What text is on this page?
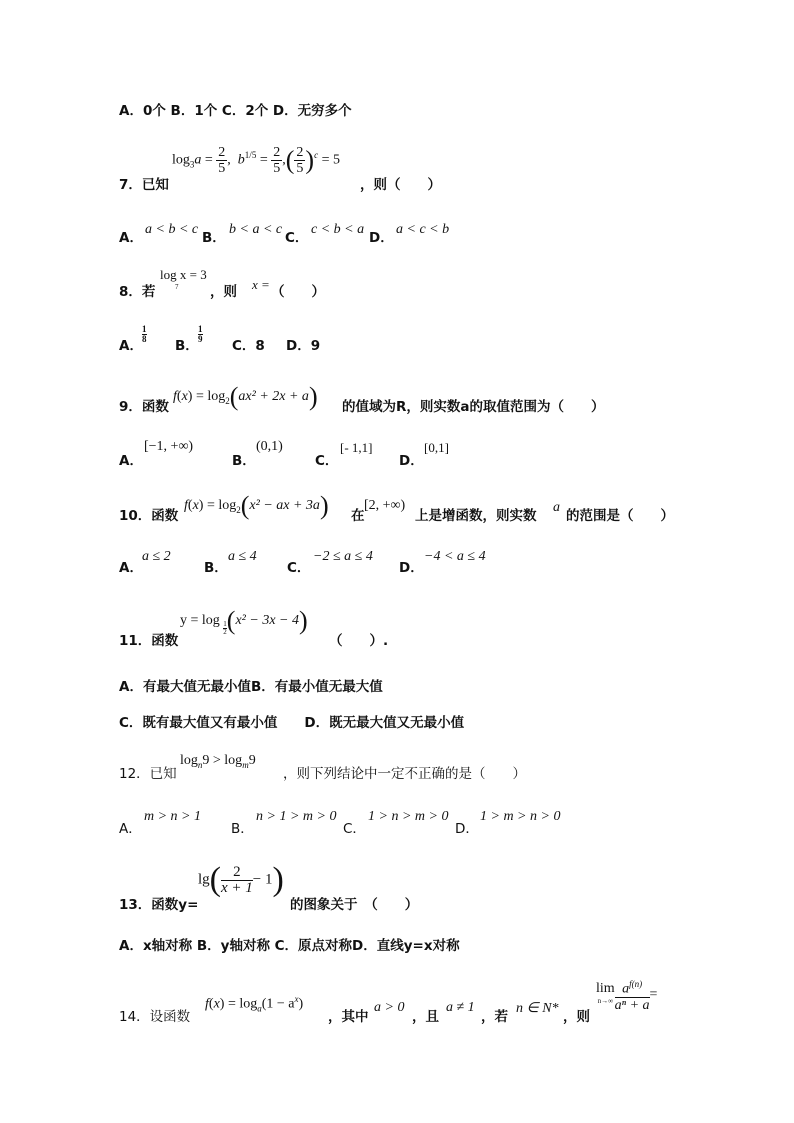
A．0个 B．1个 C．2个 D．无穷多个
$\log_3a = \frac{2}{5}$ ,  $b^{1/5} = \frac{2}{5}$ ,( $\frac{2}{5} )^c = 5$
7．已知	，则（　　）
A．
a < b < c
B．
b < a < c
C．
c < b < a
D．
a < c < b
8．若
log x = 3
7 ，则 x = （　　）
A．
1
8 B．
1
9 C．8 D．9
9．函数
$f(x) = \log_2(ax^2 + 2x + a)$ 的值域为R，则实数a的取值范围为（　　）
A．
[−1, +∞)
B．
(0,1)
C．
[- 1,1]
D．
[0,1]
10．函数
$f(x) = \log_2(x^2$ − ax + 3a) 在
[2, +∞)
上是增函数，则实数
a
的范围是（　　）
A．
a ≤ 2
B．
a ≤ 4
C．
−2 ≤ a ≤ 4
D．
−4 < a ≤ 4
y = log
$\frac{1}{2} (x^2 - 3x - 4)$
11．函数	（　　）.
A．有最大值无最小值B．有最小值无最大值
C．既有最大值又有最小值　　D．既无最大值又无最小值
12．已知
$\log_n9 > \log_m9$
，则下列结论中一定不正确的是（　　）
A．
m > n > 1
B．
n > 1 > m > 0
C．
1 > n > m > 0
D．
1 > m > n > 0
$\lg( \frac{2}{x + 1} - 1)$
13．函数y=	的图象关于　（　　）
A．x轴对称 B．y轴对称 C．原点对称D．直线y=x对称
14．设函数
$f(x) = \log_a(1 - a^x)$
，其中
a > 0
，且
a ≠ 1
，若
n ∈ N*
，则
lim
$n\to\infty \frac{a^{f(n)}}{\text{aⁿ + a}}$ =
